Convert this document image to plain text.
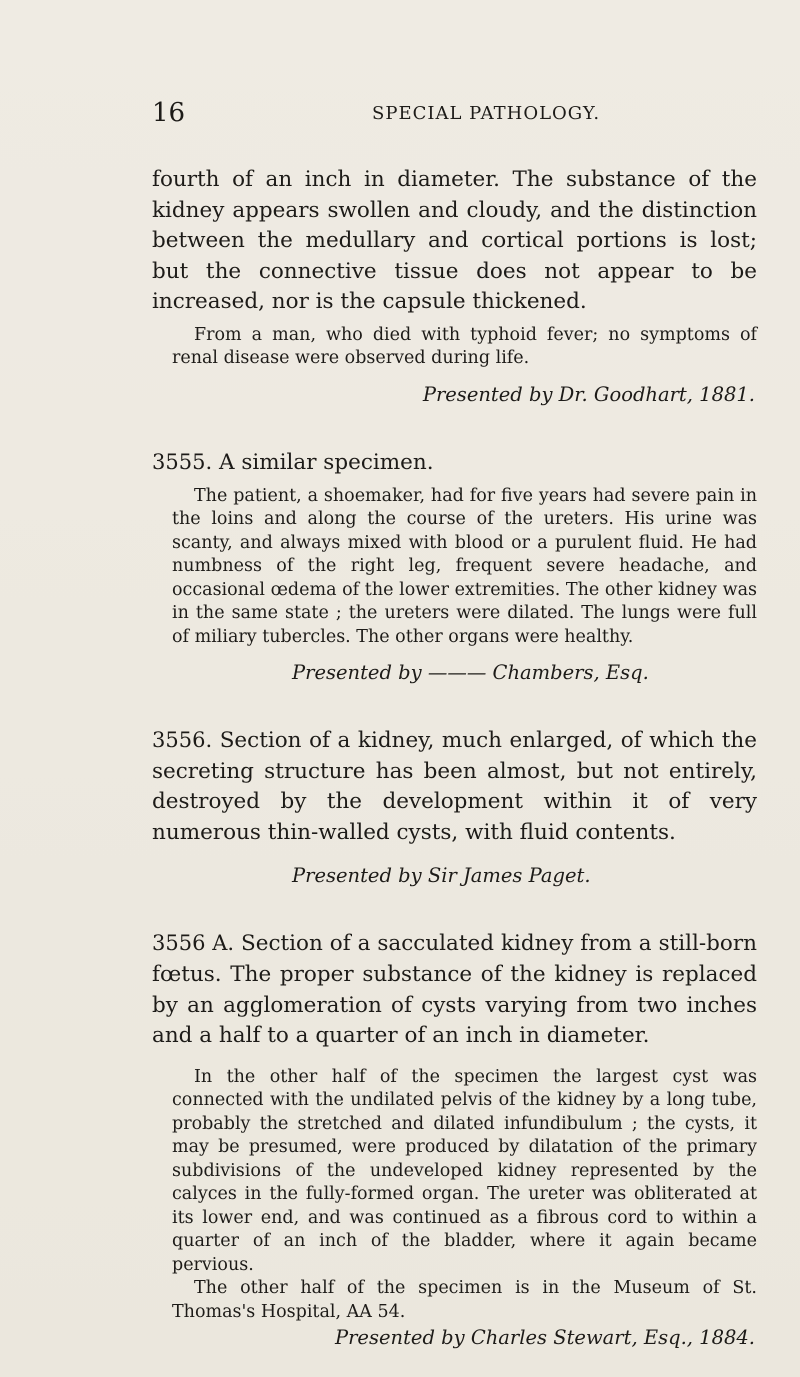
16	SPECIAL PATHOLOGY.

fourth of an inch in diameter. The substance of the kidney appears swollen and cloudy, and the distinction between the medullary and cortical portions is lost; but the connective tissue does not appear to be increased, nor is the capsule thickened.

From a man, who died with typhoid fever; no symptoms of renal disease were observed during life.

Presented by Dr. Goodhart, 1881.

3555. A similar specimen.

The patient, a shoemaker, had for five years had severe pain in the loins and along the course of the ureters. His urine was scanty, and always mixed with blood or a purulent fluid. He had numbness of the right leg, frequent severe headache, and occasional œdema of the lower extremities. The other kidney was in the same state ; the ureters were dilated. The lungs were full of miliary tubercles. The other organs were healthy.

Presented by ——— Chambers, Esq.

3556. Section of a kidney, much enlarged, of which the secreting structure has been almost, but not entirely, destroyed by the development within it of very numerous thin-walled cysts, with fluid contents.

Presented by Sir James Paget.

3556 A. Section of a sacculated kidney from a still-born fœtus. The proper substance of the kidney is replaced by an agglomeration of cysts varying from two inches and a half to a quarter of an inch in diameter.

In the other half of the specimen the largest cyst was connected with the undilated pelvis of the kidney by a long tube, probably the stretched and dilated infundibulum ; the cysts, it may be presumed, were produced by dilatation of the primary subdivisions of the undeveloped kidney represented by the calyces in the fully-formed organ. The ureter was obliterated at its lower end, and was continued as a fibrous cord to within a quarter of an inch of the bladder, where it again became pervious.

The other half of the specimen is in the Museum of St. Thomas's Hospital, AA 54.

Presented by Charles Stewart, Esq., 1884.
